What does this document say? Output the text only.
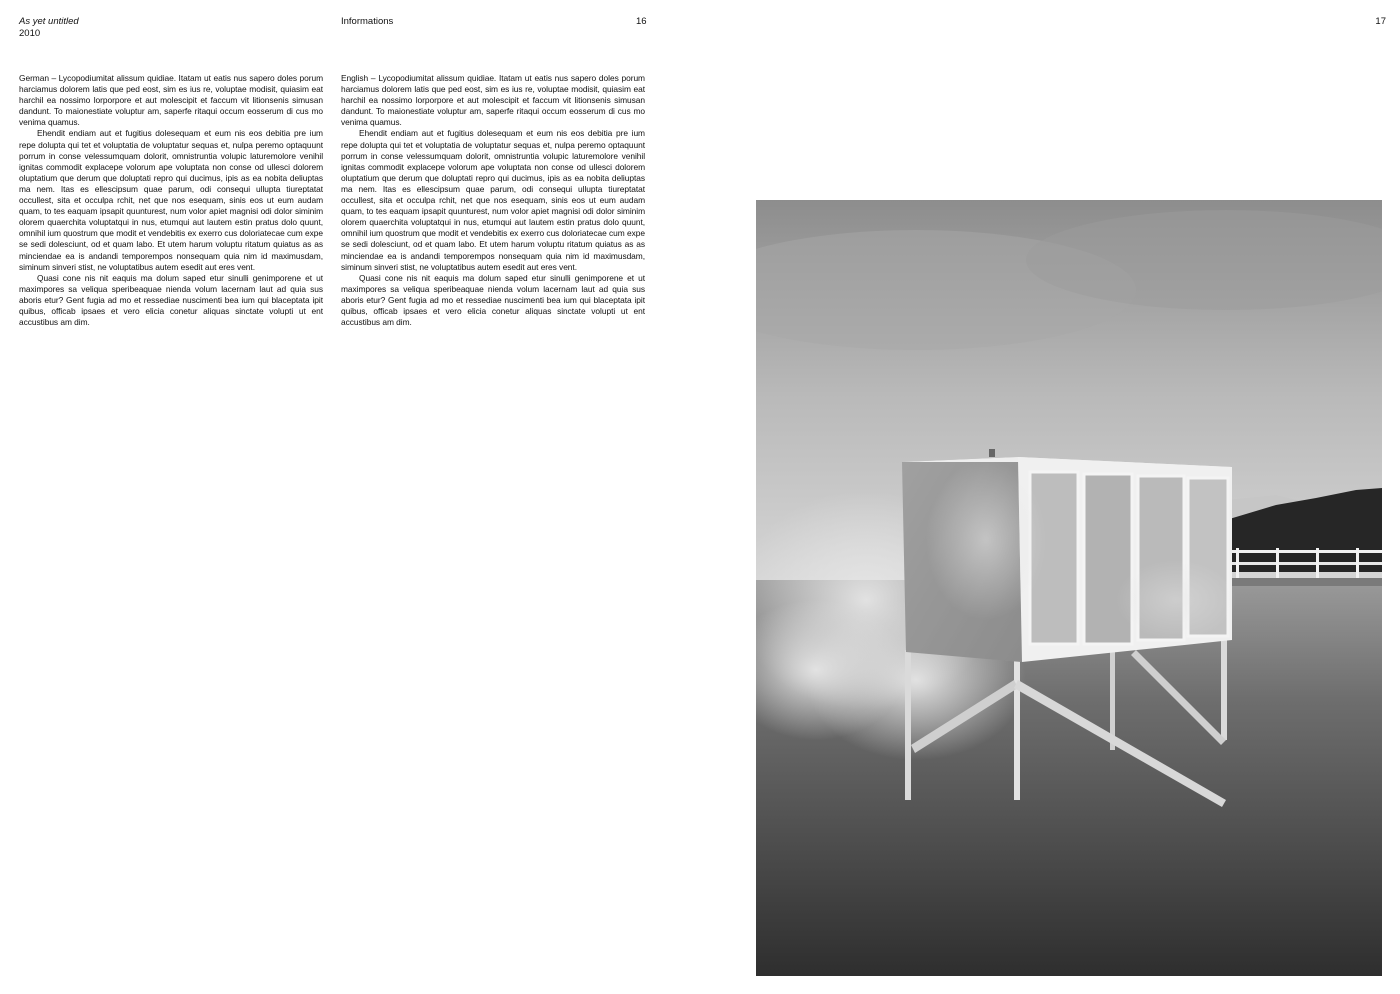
As yet untitled
2010
Informations	16

German – Lycopodiumitat alissum quidiae. Itatam ut eatis nus sapero doles porum harciamus dolorem latis que ped eost, sim es ius re, voluptae modisit, quiasim eat harchil ea nossimo lorporpore et aut molescipit et faccum vit litionsenis simusan dandunt. To maionestiate voluptur am, saperfe ritaqui occum eosserum di cus mo venima quamus.

Ehendit endiam aut et fugitius dolesequam et eum nis eos debitia pre ium repe dolupta qui tet et voluptatia de voluptatur sequas et, nulpa peremo optaquunt porrum in conse velessumquam dolorit, omnistruntia volupic laturemolore venihil ignitas commodit explacepe volorum ape voluptata non conse od ullesci dolorem oluptatium que derum que doluptati repro qui ducimus, ipis as ea nobita deliuptas ma nem. Itas es ellescipsum quae parum, odi consequi ullupta tiureptatat occullest, sita et occulpa rchit, net que nos esequam, sinis eos ut eum audam quam, to tes eaquam ipsapit quunturest, num volor apiet magnisi odi dolor siminim olorem quaerchita voluptatqui in nus, etumqui aut lautem estin pratus dolo quunt, omnihil ium quostrum que modit et vendebitis ex exerro cus doloriatecae cum expe se sedi dolesciunt, od et quam labo. Et utem harum voluptu ritatum quiatus as as minciendae ea is andandi temporempos nonsequam quia nim id maximusdam, siminum sinveri stist, ne voluptatibus autem esedit aut eres vent.

Quasi cone nis nit eaquis ma dolum saped etur sinulli genimporene et ut maximpores sa veliqua speribeaquae nienda volum lacernam laut ad quia sus aboris etur? Gent fugia ad mo et ressediae nuscimenti bea ium qui blaceptata ipit quibus, officab ipsaes et vero elicia conetur aliquas sinctate volupti ut ent accustibus am dim.

English – Lycopodiumitat alissum quidiae. Itatam ut eatis nus sapero doles porum harciamus dolorem latis que ped eost, sim es ius re, voluptae modisit, quiasim eat harchil ea nossimo lorporpore et aut molescipit et faccum vit litionsenis simusan dandunt. To maionestiate voluptur am, saperfe ritaqui occum eosserum di cus mo venima quamus.

Ehendit endiam aut et fugitius dolesequam et eum nis eos debitia pre ium repe dolupta qui tet et voluptatia de voluptatur sequas et, nulpa peremo optaquunt porrum in conse velessumquam dolorit, omnistruntia volupic laturemolore venihil ignitas commodit explacepe volorum ape voluptata non conse od ullesci dolorem oluptatium que derum que doluptati repro qui ducimus, ipis as ea nobita deliuptas ma nem. Itas es ellescipsum quae parum, odi consequi ullupta tiureptatat occullest, sita et occulpa rchit, net que nos esequam, sinis eos ut eum audam quam, to tes eaquam ipsapit quunturest, num volor apiet magnisi odi dolor siminim olorem quaerchita voluptatqui in nus, etumqui aut lautem estin pratus dolo quunt, omnihil ium quostrum que modit et vendebitis ex exerro cus doloriatecae cum expe se sedi dolesciunt, od et quam labo. Et utem harum voluptu ritatum quiatus as as minciendae ea is andandi temporempos nonsequam quia nim id maximusdam, siminum sinveri stist, ne voluptatibus autem esedit aut eres vent.

Quasi cone nis nit eaquis ma dolum saped etur sinulli genimporene et ut maximpores sa veliqua speribeaquae nienda volum lacernam laut ad quia sus aboris etur? Gent fugia ad mo et ressediae nuscimenti bea ium qui blaceptata ipit quibus, officab ipsaes et vero elicia conetur aliquas sinctate volupti ut ent accustibus am dim.

17
